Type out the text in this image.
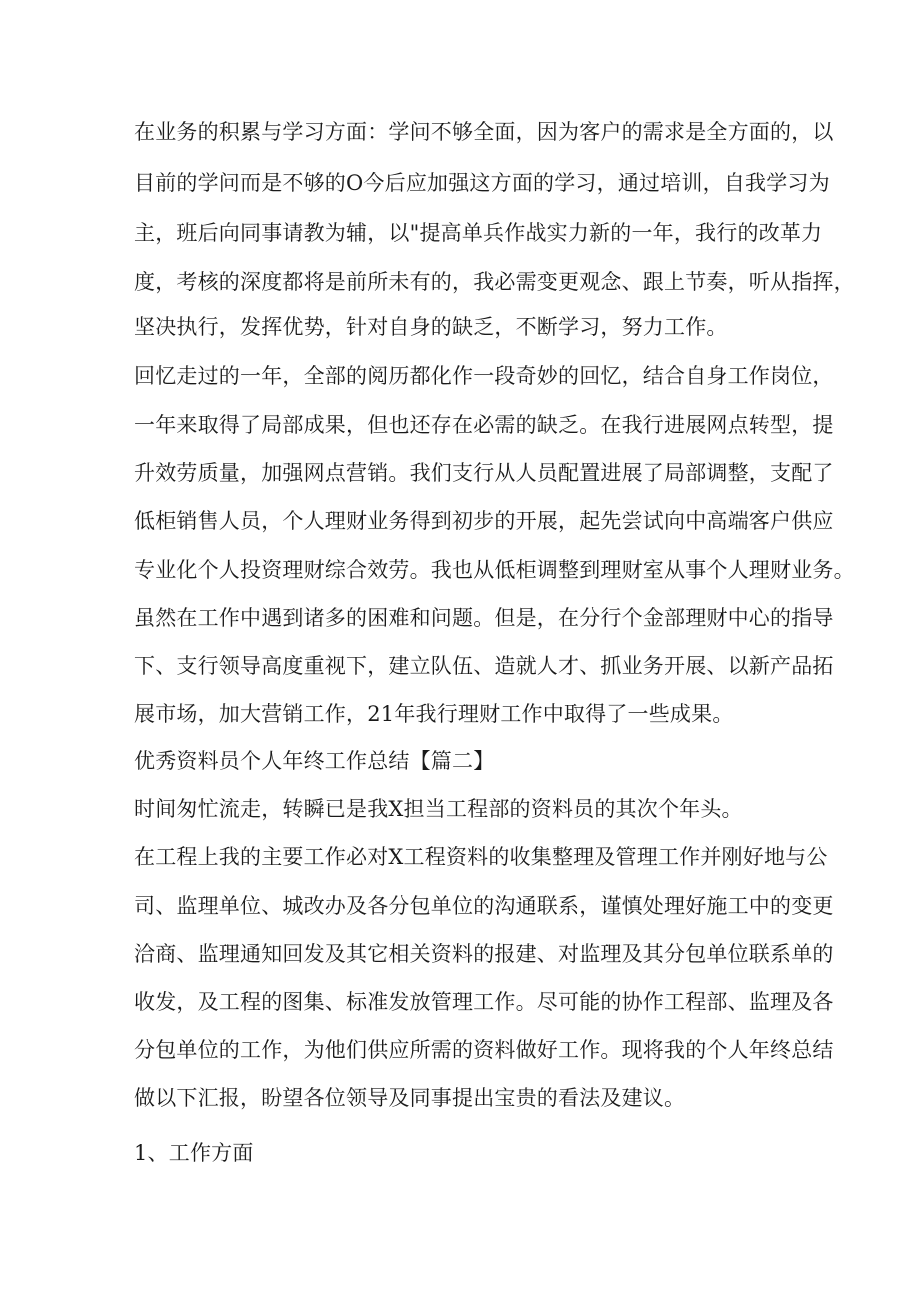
在业务的积累与学习方面：学问不够全面，因为客户的需求是全方面的，以
目前的学问而是不够的O今后应加强这方面的学习，通过培训，自我学习为
主，班后向同事请教为辅，以"提高单兵作战实力新的一年，我行的改革力
度，考核的深度都将是前所未有的，我必需变更观念、跟上节奏，听从指挥，
坚决执行，发挥优势，针对自身的缺乏，不断学习，努力工作。
回忆走过的一年，全部的阅历都化作一段奇妙的回忆，结合自身工作岗位，
一年来取得了局部成果，但也还存在必需的缺乏。在我行进展网点转型，提
升效劳质量，加强网点营销。我们支行从人员配置进展了局部调整，支配了
低柜销售人员，个人理财业务得到初步的开展，起先尝试向中高端客户供应
专业化个人投资理财综合效劳。我也从低柜调整到理财室从事个人理财业务。
虽然在工作中遇到诸多的困难和问题。但是，在分行个金部理财中心的指导
下、支行领导高度重视下，建立队伍、造就人才、抓业务开展、以新产品拓
展市场，加大营销工作，21年我行理财工作中取得了一些成果。
优秀资料员个人年终工作总结【篇二】
时间匆忙流走，转瞬已是我X担当工程部的资料员的其次个年头。
在工程上我的主要工作必对X工程资料的收集整理及管理工作并刚好地与公
司、监理单位、城改办及各分包单位的沟通联系，谨慎处理好施工中的变更
洽商、监理通知回发及其它相关资料的报建、对监理及其分包单位联系单的
收发，及工程的图集、标准发放管理工作。尽可能的协作工程部、监理及各
分包单位的工作，为他们供应所需的资料做好工作。现将我的个人年终总结
做以下汇报，盼望各位领导及同事提出宝贵的看法及建议。
1、工作方面
